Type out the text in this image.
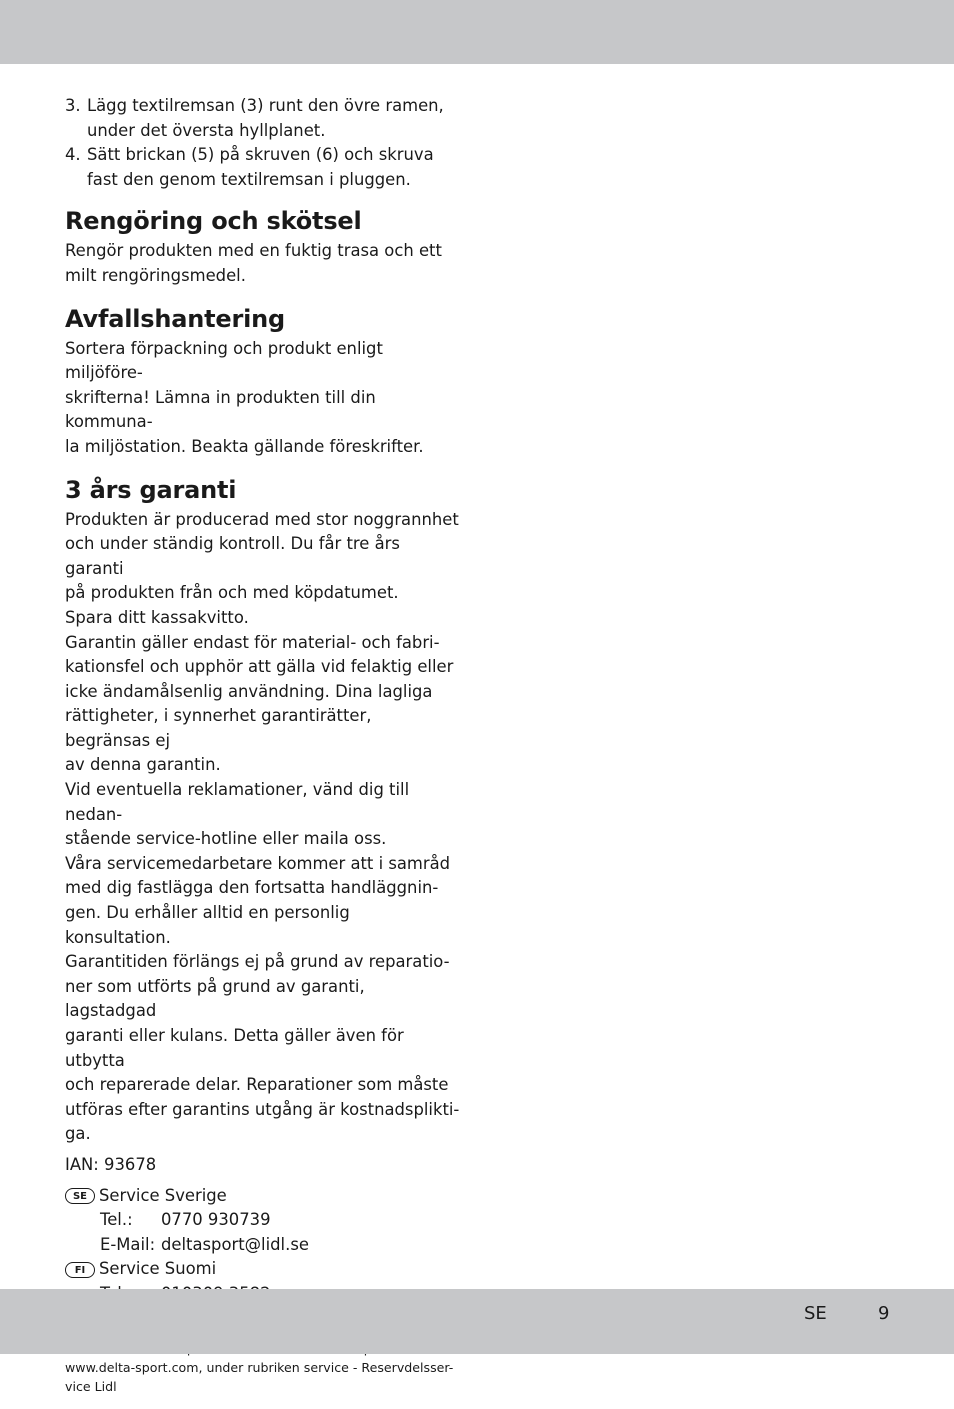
3. Lägg textilremsan (3) runt den övre ramen,
under det översta hyllplanet.
4. Sätt brickan (5) på skruven (6) och skruva
fast den genom textilremsan i pluggen.
Rengöring och skötsel

Rengör produkten med en fuktig trasa och ett
milt rengöringsmedel.

Avfallshantering

Sortera förpackning och produkt enligt miljöföre-
skrifterna! Lämna in produkten till din kommuna-
la miljöstation. Beakta gällande föreskrifter.

3 års garanti

Produkten är producerad med stor noggrannhet
och under ständig kontroll. Du får tre års garanti
på produkten från och med köpdatumet.
Spara ditt kassakvitto.
Garantin gäller endast för material- och fabri-
kationsfel och upphör att gälla vid felaktig eller
icke ändamålsenlig användning. Dina lagliga
rättigheter, i synnerhet garantirätter, begränsas ej
av denna garantin.
Vid eventuella reklamationer, vänd dig till nedan-
stående service-hotline eller maila oss.
Våra servicemedarbetare kommer att i samråd
med dig fastlägga den fortsatta handläggnin-
gen. Du erhåller alltid en personlig konsultation.
Garantitiden förlängs ej på grund av reparatio-
ner som utförts på grund av garanti, lagstadgad
garanti eller kulans. Detta gäller även för utbytta
och reparerade delar. Reparationer som måste
utföras efter garantins utgång är kostnadsplikti-
ga.

IAN: 93678

SE Service Sverige
Tel.:	0770 930739
E-Mail: deltasport@lidl.se
FI Service Suomi

www.delta-sport.com, under rubriken service - Reservdelsser-
vice Lidl

SE	9
